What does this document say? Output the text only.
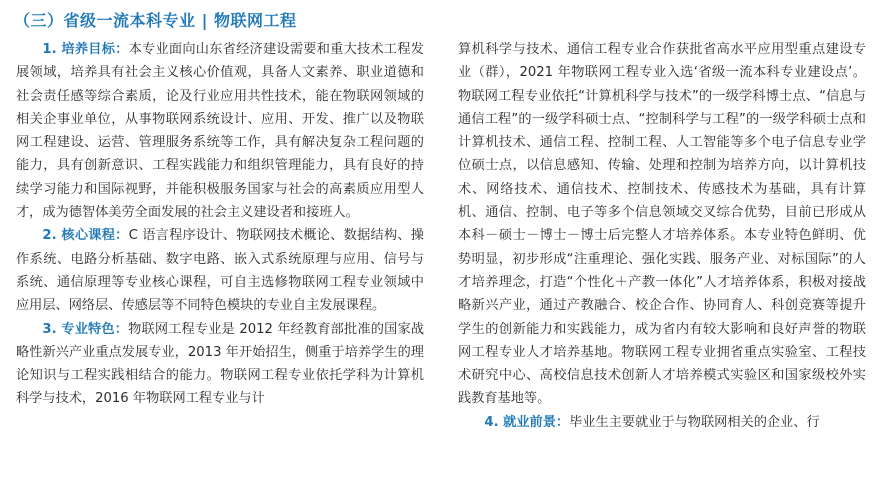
（三）省级一流本科专业 | 物联网工程

1. 培养目标：本专业面向山东省经济建设需要和重大技术工程发展领域，培养具有社会主义核心价值观，具备人文素养、职业道德和社会责任感等综合素质，论及行业应用共性技术，能在物联网领域的相关企事业单位，从事物联网系统设计、应用、开发、推广以及物联网工程建设、运营、管理服务系统等工作，具有解决复杂工程问题的能力，具有创新意识、工程实践能力和组织管理能力，具有良好的持续学习能力和国际视野，并能积极服务国家与社会的高素质应用型人才，成为德智体美劳全面发展的社会主义建设者和接班人。

2. 核心课程：C 语言程序设计、物联网技术概论、数据结构、操作系统、电路分析基础、数字电路、嵌入式系统原理与应用、信号与系统、通信原理等专业核心课程，可自主选修物联网工程专业领域中应用层、网络层、传感层等不同特色模块的专业自主发展课程。

3. 专业特色：物联网工程专业是 2012 年经教育部批准的国家战略性新兴产业重点发展专业，2013 年开始招生，侧重于培养学生的理论知识与工程实践相结合的能力。物联网工程专业依托学科为计算机科学与技术，2016 年物联网工程专业与计

算机科学与技术、通信工程专业合作获批省高水平应用型重点建设专业（群），2021 年物联网工程专业入选‘省级一流本科专业建设点’。物联网工程专业依托“计算机科学与技术”的一级学科博士点、“信息与通信工程”的一级学科硕士点、“控制科学与工程”的一级学科硕士点和计算机技术、通信工程、控制工程、人工智能等多个电子信息专业学位硕士点，以信息感知、传输、处理和控制为培养方向，以计算机技术、网络技术、通信技术、控制技术、传感技术为基础，具有计算机、通信、控制、电子等多个信息领域交叉综合优势，目前已形成从本科－硕士－博士－博士后完整人才培养体系。本专业特色鲜明、优势明显，初步形成“注重理论、强化实践、服务产业、对标国际”的人才培养理念，打造“个性化＋产教一体化”人才培养体系，积极对接战略新兴产业，通过产教融合、校企合作、协同育人、科创竞赛等提升学生的创新能力和实践能力，成为省内有较大影响和良好声誉的物联网工程专业人才培养基地。物联网工程专业拥省重点实验室、工程技术研究中心、高校信息技术创新人才培养模式实验区和国家级校外实践教育基地等。

4. 就业前景：毕业生主要就业于与物联网相关的企业、行
